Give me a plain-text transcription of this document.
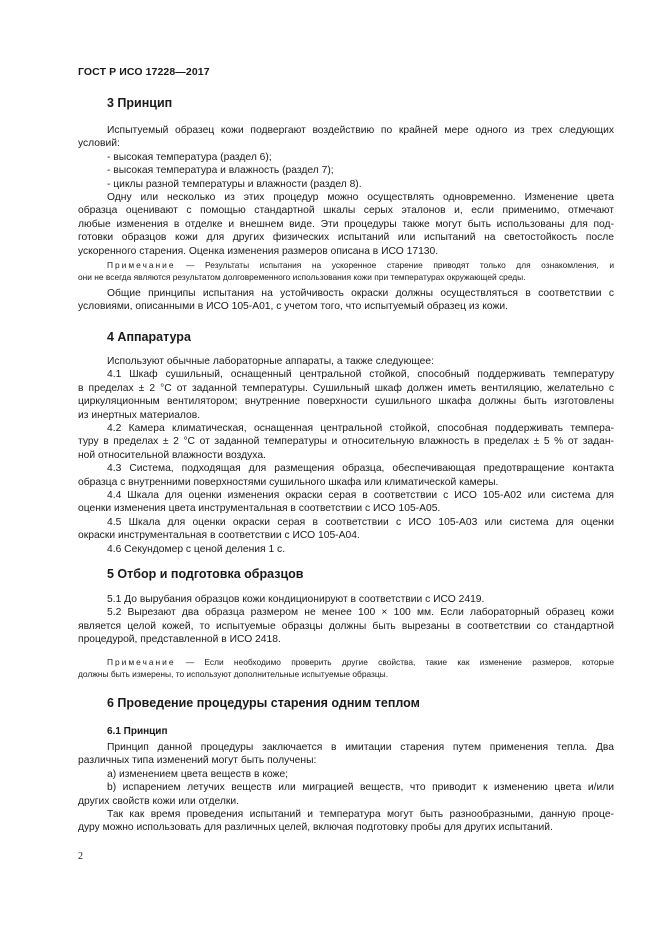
ГОСТ Р ИСО 17228—2017
3 Принцип
Испытуемый образец кожи подвергают воздействию по крайней мере одного из трех следующих
условий:
- высокая температура (раздел 6);
- высокая температура и влажность (раздел 7);
- циклы разной температуры и влажности (раздел 8).
Одну или несколько из этих процедур можно осуществлять одновременно. Изменение цвета
образца оценивают с помощью стандартной шкалы серых эталонов и, если применимо, отмечают
любые изменения в отделке и внешнем виде. Эти процедуры также могут быть использованы для под-
готовки образцов кожи для других физических испытаний или испытаний на светостойкость после
ускоренного старения. Оценка изменения размеров описана в ИСО 17130.
Примечание — Результаты испытания на ускоренное старение приводят только для ознакомления, и
они не всегда являются результатом долговременного использования кожи при температурах окружающей среды.
Общие принципы испытания на устойчивость окраски должны осуществляться в соответствии с
условиями, описанными в ИСО 105-А01, с учетом того, что испытуемый образец из кожи.
4 Аппаратура
Используют обычные лабораторные аппараты, а также следующее:
4.1 Шкаф сушильный, оснащенный центральной стойкой, способный поддерживать температуру
в пределах ± 2 °С от заданной температуры. Сушильный шкаф должен иметь вентиляцию, желательно с
циркуляционным вентилятором; внутренние поверхности сушильного шкафа должны быть изготовлены
из инертных материалов.
4.2 Камера климатическая, оснащенная центральной стойкой, способная поддерживать темпера-
туру в пределах ± 2 °С от заданной температуры и относительную влажность в пределах ± 5 % от задан-
ной относительной влажности воздуха.
4.3 Система, подходящая для размещения образца, обеспечивающая предотвращение контакта
образца с внутренними поверхностями сушильного шкафа или климатической камеры.
4.4 Шкала для оценки изменения окраски серая в соответствии с ИСО 105-А02 или система для
оценки изменения цвета инструментальная в соответствии с ИСО 105-А05.
4.5 Шкала для оценки окраски серая в соответствии с ИСО 105-А03 или система для оценки
окраски инструментальная в соответствии с ИСО 105-А04.
4.6 Секундомер с ценой деления 1 с.
5 Отбор и подготовка образцов
5.1 До вырубания образцов кожи кондиционируют в соответствии с ИСО 2419.
5.2 Вырезают два образца размером не менее 100 × 100 мм. Если лабораторный образец кожи
является целой кожей, то испытуемые образцы должны быть вырезаны в соответствии со стандартной
процедурой, представленной в ИСО 2418.
Примечание — Если необходимо проверить другие свойства, такие как изменение размеров, которые
должны быть измерены, то используют дополнительные испытуемые образцы.
6 Проведение процедуры старения одним теплом
6.1 Принцип
Принцип данной процедуры заключается в имитации старения путем применения тепла. Два
различных типа изменений могут быть получены:
а) изменением цвета веществ в коже;
b) испарением летучих веществ или миграцией веществ, что приводит к изменению цвета и/или
других свойств кожи или отделки.
Так как время проведения испытаний и температура могут быть разнообразными, данную проце-
дуру можно использовать для различных целей, включая подготовку пробы для других испытаний.
2
